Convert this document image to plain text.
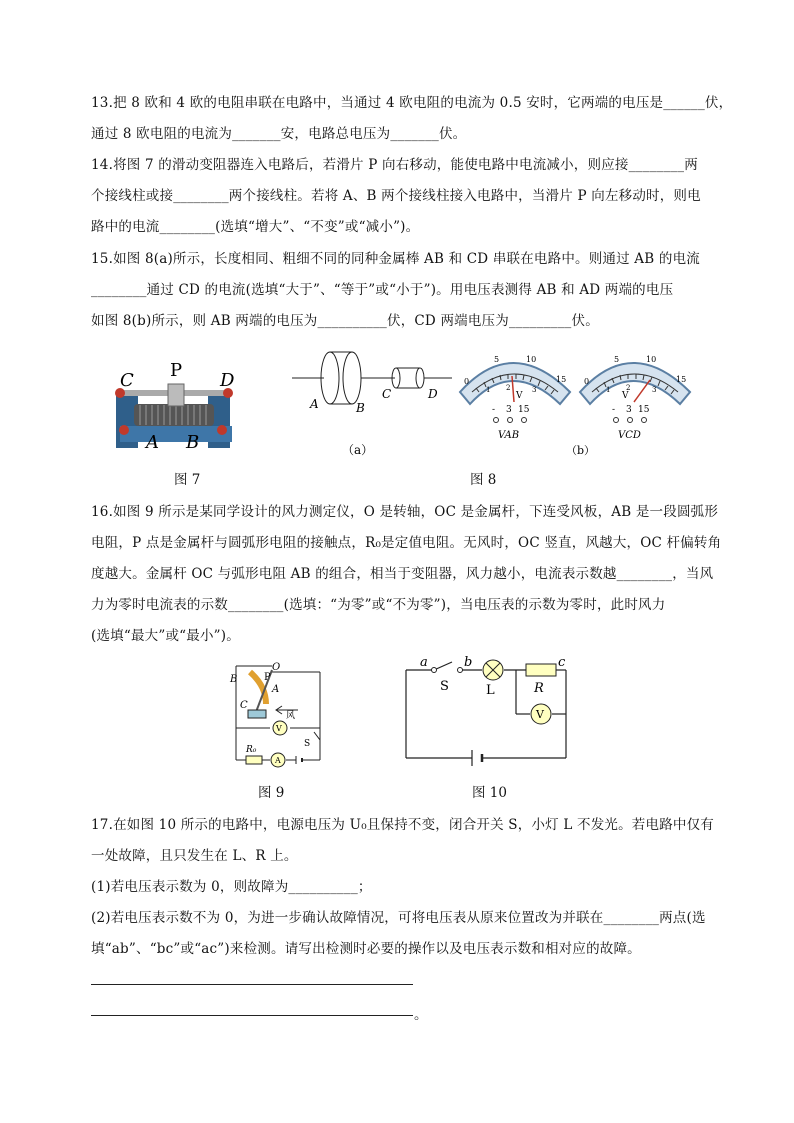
13.把 8 欧和 4 欧的电阻串联在电路中，当通过 4 欧电阻的电流为 0.5 安时，它两端的电压是______伏，
通过 8 欧电阻的电流为_______安，电路总电压为_______伏。
14.将图 7 的滑动变阻器连入电路后，若滑片 P 向右移动，能使电路中电流减小，则应接________两
个接线柱或接________两个接线柱。若将 A、B 两个接线柱接入电路中，当滑片 P 向左移动时，则电
路中的电流________(选填“增大”、“不变”或“减小”)。
15.如图 8(a)所示，长度相同、粗细不同的同种金属棒 AB 和 CD 串联在电路中。则通过 AB 的电流
________通过 CD 的电流(选填“大于”、“等于”或“小于”)。用电压表测得 AB 和 AD 两端的电压
如图 8(b)所示，则 AB 两端的电压为__________伏，CD 两端电压为_________伏。
C P D
A B
图 7
A	B
C	D
（a）
5	10
0
1 2	3
15
V
- 3 15
VAB
5	10
0
1 2	3
15
V
- 3 15
VCD
（b）
图 8
16.如图 9 所示是某同学设计的风力测定仪，O 是转轴，OC 是金属杆，下连受风板，AB 是一段圆弧形
电阻，P 点是金属杆与圆弧形电阻的接触点，R₀是定值电阻。无风时，OC 竖直，风越大，OC 杆偏转角
度越大。金属杆 OC 与弧形电阻 AB 的组合，相当于变阻器，风力越小，电流表示数越________，当风
力为零时电流表的示数________(选填：“为零”或“不为零”)，当电压表的示数为零时，此时风力
(选填“最大”或“最小”)。
B
O
P
A
C
风
V
R₀
A
S
图 9
a	b	c
S	L	R
V
图 10
17.在如图 10 所示的电路中，电源电压为 U₀且保持不变，闭合开关 S，小灯 L 不发光。若电路中仅有
一处故障，且只发生在 L、R 上。
(1)若电压表示数为 0，则故障为__________；
(2)若电压表示数不为 0，为进一步确认故障情况，可将电压表从原来位置改为并联在________两点(选
填“ab”、“bc”或“ac”)来检测。请写出检测时必要的操作以及电压表示数和相对应的故障。
。
